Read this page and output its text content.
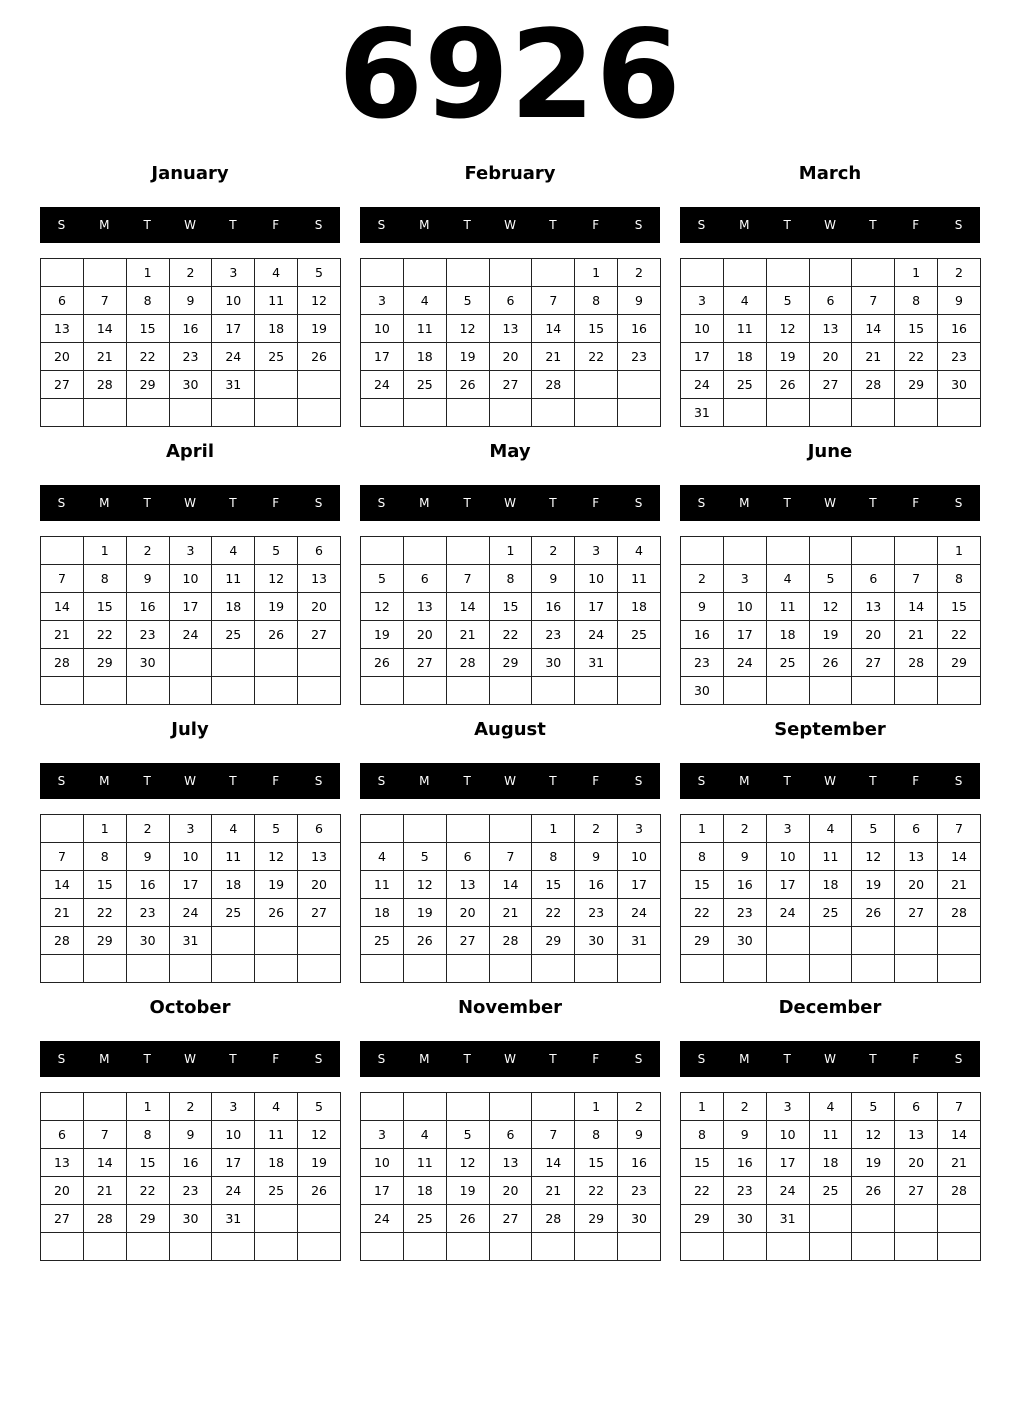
6926
January
S	M	T	W	T	F	S
		1	2	3	4	5
6	7	8	9	10	11	12
13	14	15	16	17	18	19
20	21	22	23	24	25	26
27	28	29	30	31		

February
S	M	T	W	T	F	S
					1	2
3	4	5	6	7	8	9
10	11	12	13	14	15	16
17	18	19	20	21	22	23
24	25	26	27	28		

March
S	M	T	W	T	F	S
					1	2
3	4	5	6	7	8	9
10	11	12	13	14	15	16
17	18	19	20	21	22	23
24	25	26	27	28	29	30
31						
April
S	M	T	W	T	F	S
	1	2	3	4	5	6
7	8	9	10	11	12	13
14	15	16	17	18	19	20
21	22	23	24	25	26	27
28	29	30				

May
S	M	T	W	T	F	S
			1	2	3	4
5	6	7	8	9	10	11
12	13	14	15	16	17	18
19	20	21	22	23	24	25
26	27	28	29	30	31	

June
S	M	T	W	T	F	S
						1
2	3	4	5	6	7	8
9	10	11	12	13	14	15
16	17	18	19	20	21	22
23	24	25	26	27	28	29
30						
July
S	M	T	W	T	F	S
	1	2	3	4	5	6
7	8	9	10	11	12	13
14	15	16	17	18	19	20
21	22	23	24	25	26	27
28	29	30	31			

August
S	M	T	W	T	F	S
				1	2	3
4	5	6	7	8	9	10
11	12	13	14	15	16	17
18	19	20	21	22	23	24
25	26	27	28	29	30	31

September
S	M	T	W	T	F	S
1	2	3	4	5	6	7
8	9	10	11	12	13	14
15	16	17	18	19	20	21
22	23	24	25	26	27	28
29	30					

October
S	M	T	W	T	F	S
		1	2	3	4	5
6	7	8	9	10	11	12
13	14	15	16	17	18	19
20	21	22	23	24	25	26
27	28	29	30	31		

November
S	M	T	W	T	F	S
					1	2
3	4	5	6	7	8	9
10	11	12	13	14	15	16
17	18	19	20	21	22	23
24	25	26	27	28	29	30

December
S	M	T	W	T	F	S
1	2	3	4	5	6	7
8	9	10	11	12	13	14
15	16	17	18	19	20	21
22	23	24	25	26	27	28
29	30	31				
